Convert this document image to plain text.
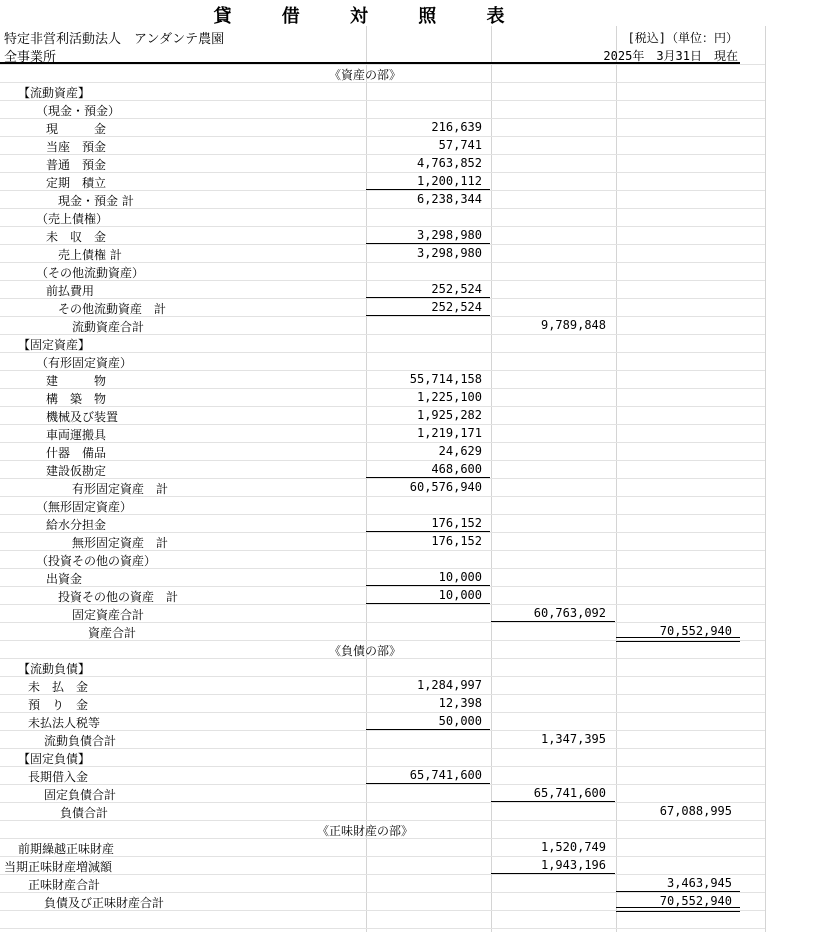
貸 借 対 照 表
特定非営利活動法人　アンダンテ農園	[税込]（単位：円）
全事業所	2025年　3月31日　現在
《資産の部》
【流動資産】
（現金・預金）
現　　　金	216,639
当座　預金	57,741
普通　預金	4,763,852
定期　積立	1,200,112
現金・預金 計	6,238,344
（売上債権）
未　収　金	3,298,980
売上債権 計	3,298,980
（その他流動資産）
前払費用	252,524
その他流動資産　計	252,524
流動資産合計	9,789,848
【固定資産】
（有形固定資産）
建　　　物	55,714,158
構　築　物	1,225,100
機械及び装置	1,925,282
車両運搬具	1,219,171
什器　備品	24,629
建設仮勘定	468,600
有形固定資産　計	60,576,940
（無形固定資産）
給水分担金	176,152
無形固定資産　計	176,152
（投資その他の資産）
出資金	10,000
投資その他の資産　計	10,000
固定資産合計	60,763,092
資産合計	70,552,940
《負債の部》
【流動負債】
未　払　金	1,284,997
預　り　金	12,398
未払法人税等	50,000
流動負債合計	1,347,395
【固定負債】
長期借入金	65,741,600
固定負債合計	65,741,600
負債合計	67,088,995
《正味財産の部》
前期繰越正味財産	1,520,749
当期正味財産増減額	1,943,196
正味財産合計	3,463,945
負債及び正味財産合計	70,552,940
